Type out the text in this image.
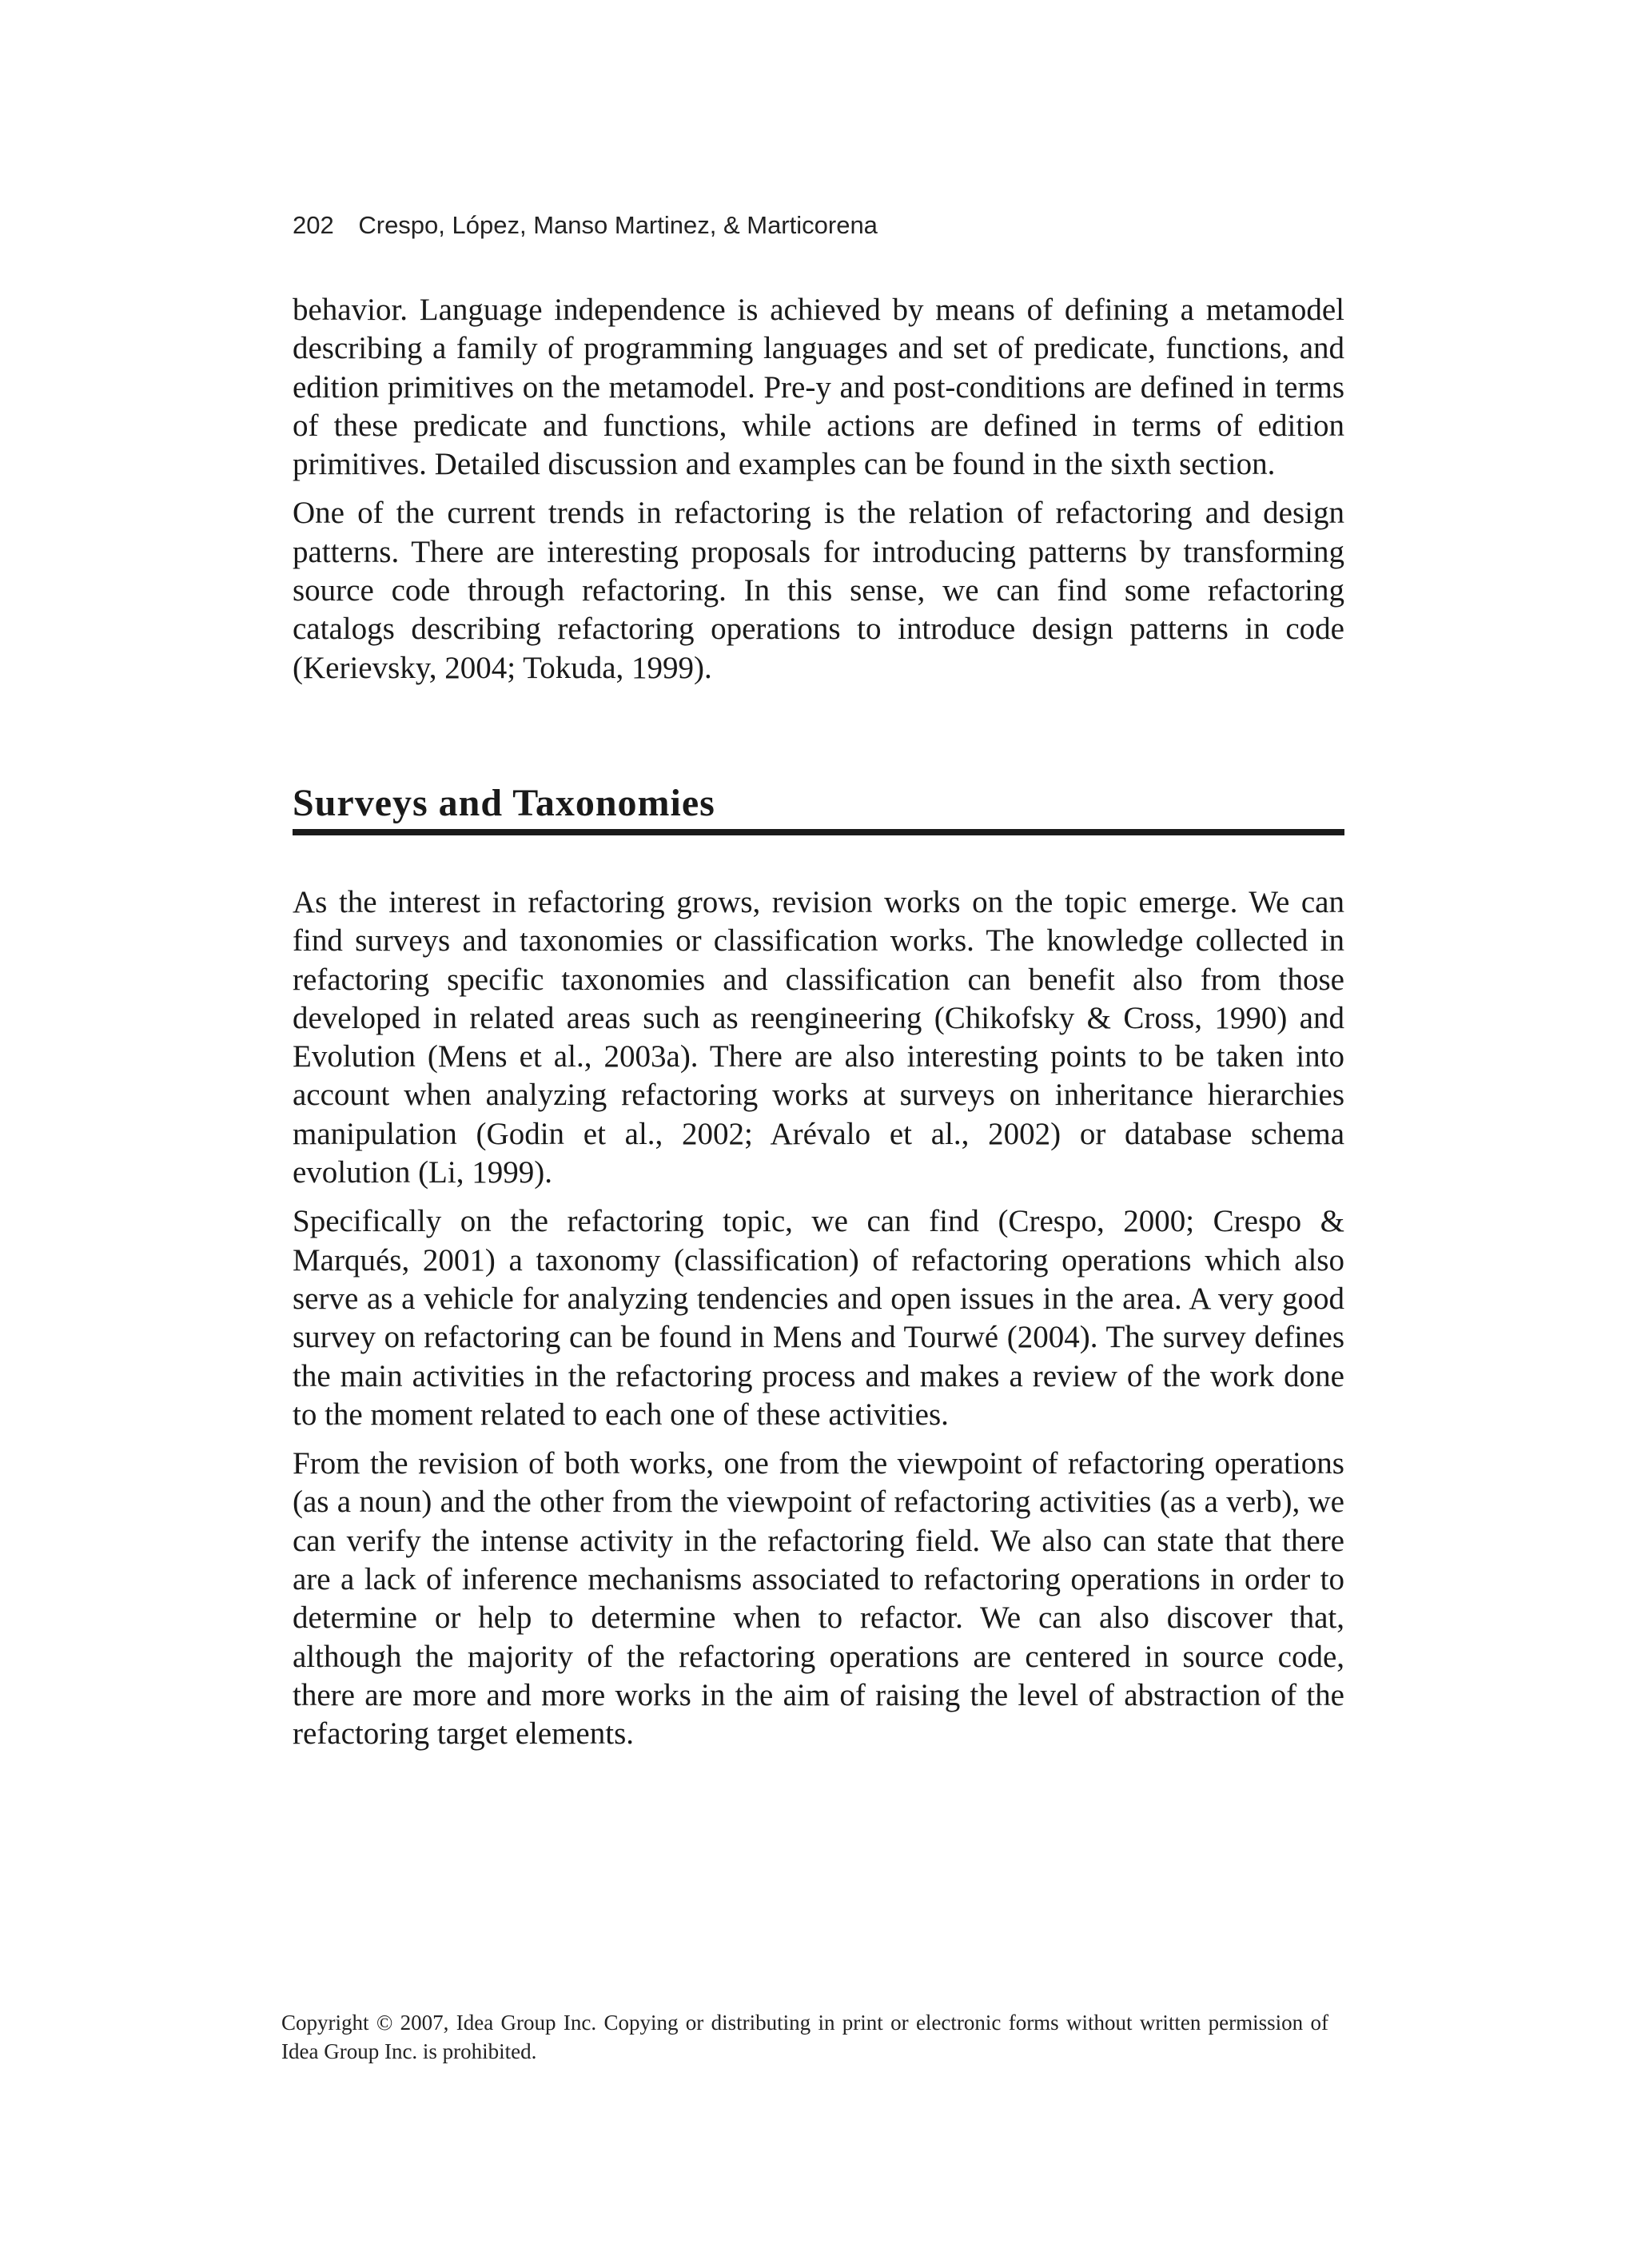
202 Crespo, López, Manso Martinez, & Marticorena

behavior. Language independence is achieved by means of defining a metamodel describing a family of programming languages and set of predicate, functions, and edition primitives on the metamodel. Pre-y and post-conditions are defined in terms of these predicate and functions, while actions are defined in terms of edition primitives. Detailed discussion and examples can be found in the sixth section.

One of the current trends in refactoring is the relation of refactoring and design patterns. There are interesting proposals for introducing patterns by transforming source code through refactoring. In this sense, we can find some refactoring catalogs describing refactoring operations to introduce design patterns in code (Kerievsky, 2004; Tokuda, 1999).

Surveys and Taxonomies

As the interest in refactoring grows, revision works on the topic emerge. We can find surveys and taxonomies or classification works. The knowledge collected in refactoring specific taxonomies and classification can benefit also from those developed in related areas such as reengineering (Chikofsky & Cross, 1990) and Evolution (Mens et al., 2003a). There are also interesting points to be taken into account when analyzing refactoring works at surveys on inheritance hierarchies manipulation (Godin et al., 2002; Arévalo et al., 2002) or database schema evolution (Li, 1999).

Specifically on the refactoring topic, we can find (Crespo, 2000; Crespo & Marqués, 2001) a taxonomy (classification) of refactoring operations which also serve as a vehicle for analyzing tendencies and open issues in the area. A very good survey on refactoring can be found in Mens and Tourwé (2004). The survey defines the main activities in the refactoring process and makes a review of the work done to the moment related to each one of these activities.

From the revision of both works, one from the viewpoint of refactoring operations (as a noun) and the other from the viewpoint of refactoring activities (as a verb), we can verify the intense activity in the refactoring field. We also can state that there are a lack of inference mechanisms associated to refactoring operations in order to determine or help to determine when to refactor. We can also discover that, although the majority of the refactoring operations are centered in source code, there are more and more works in the aim of raising the level of abstraction of the refactoring target elements.

Copyright © 2007, Idea Group Inc. Copying or distributing in print or electronic forms without written permission of Idea Group Inc. is prohibited.
